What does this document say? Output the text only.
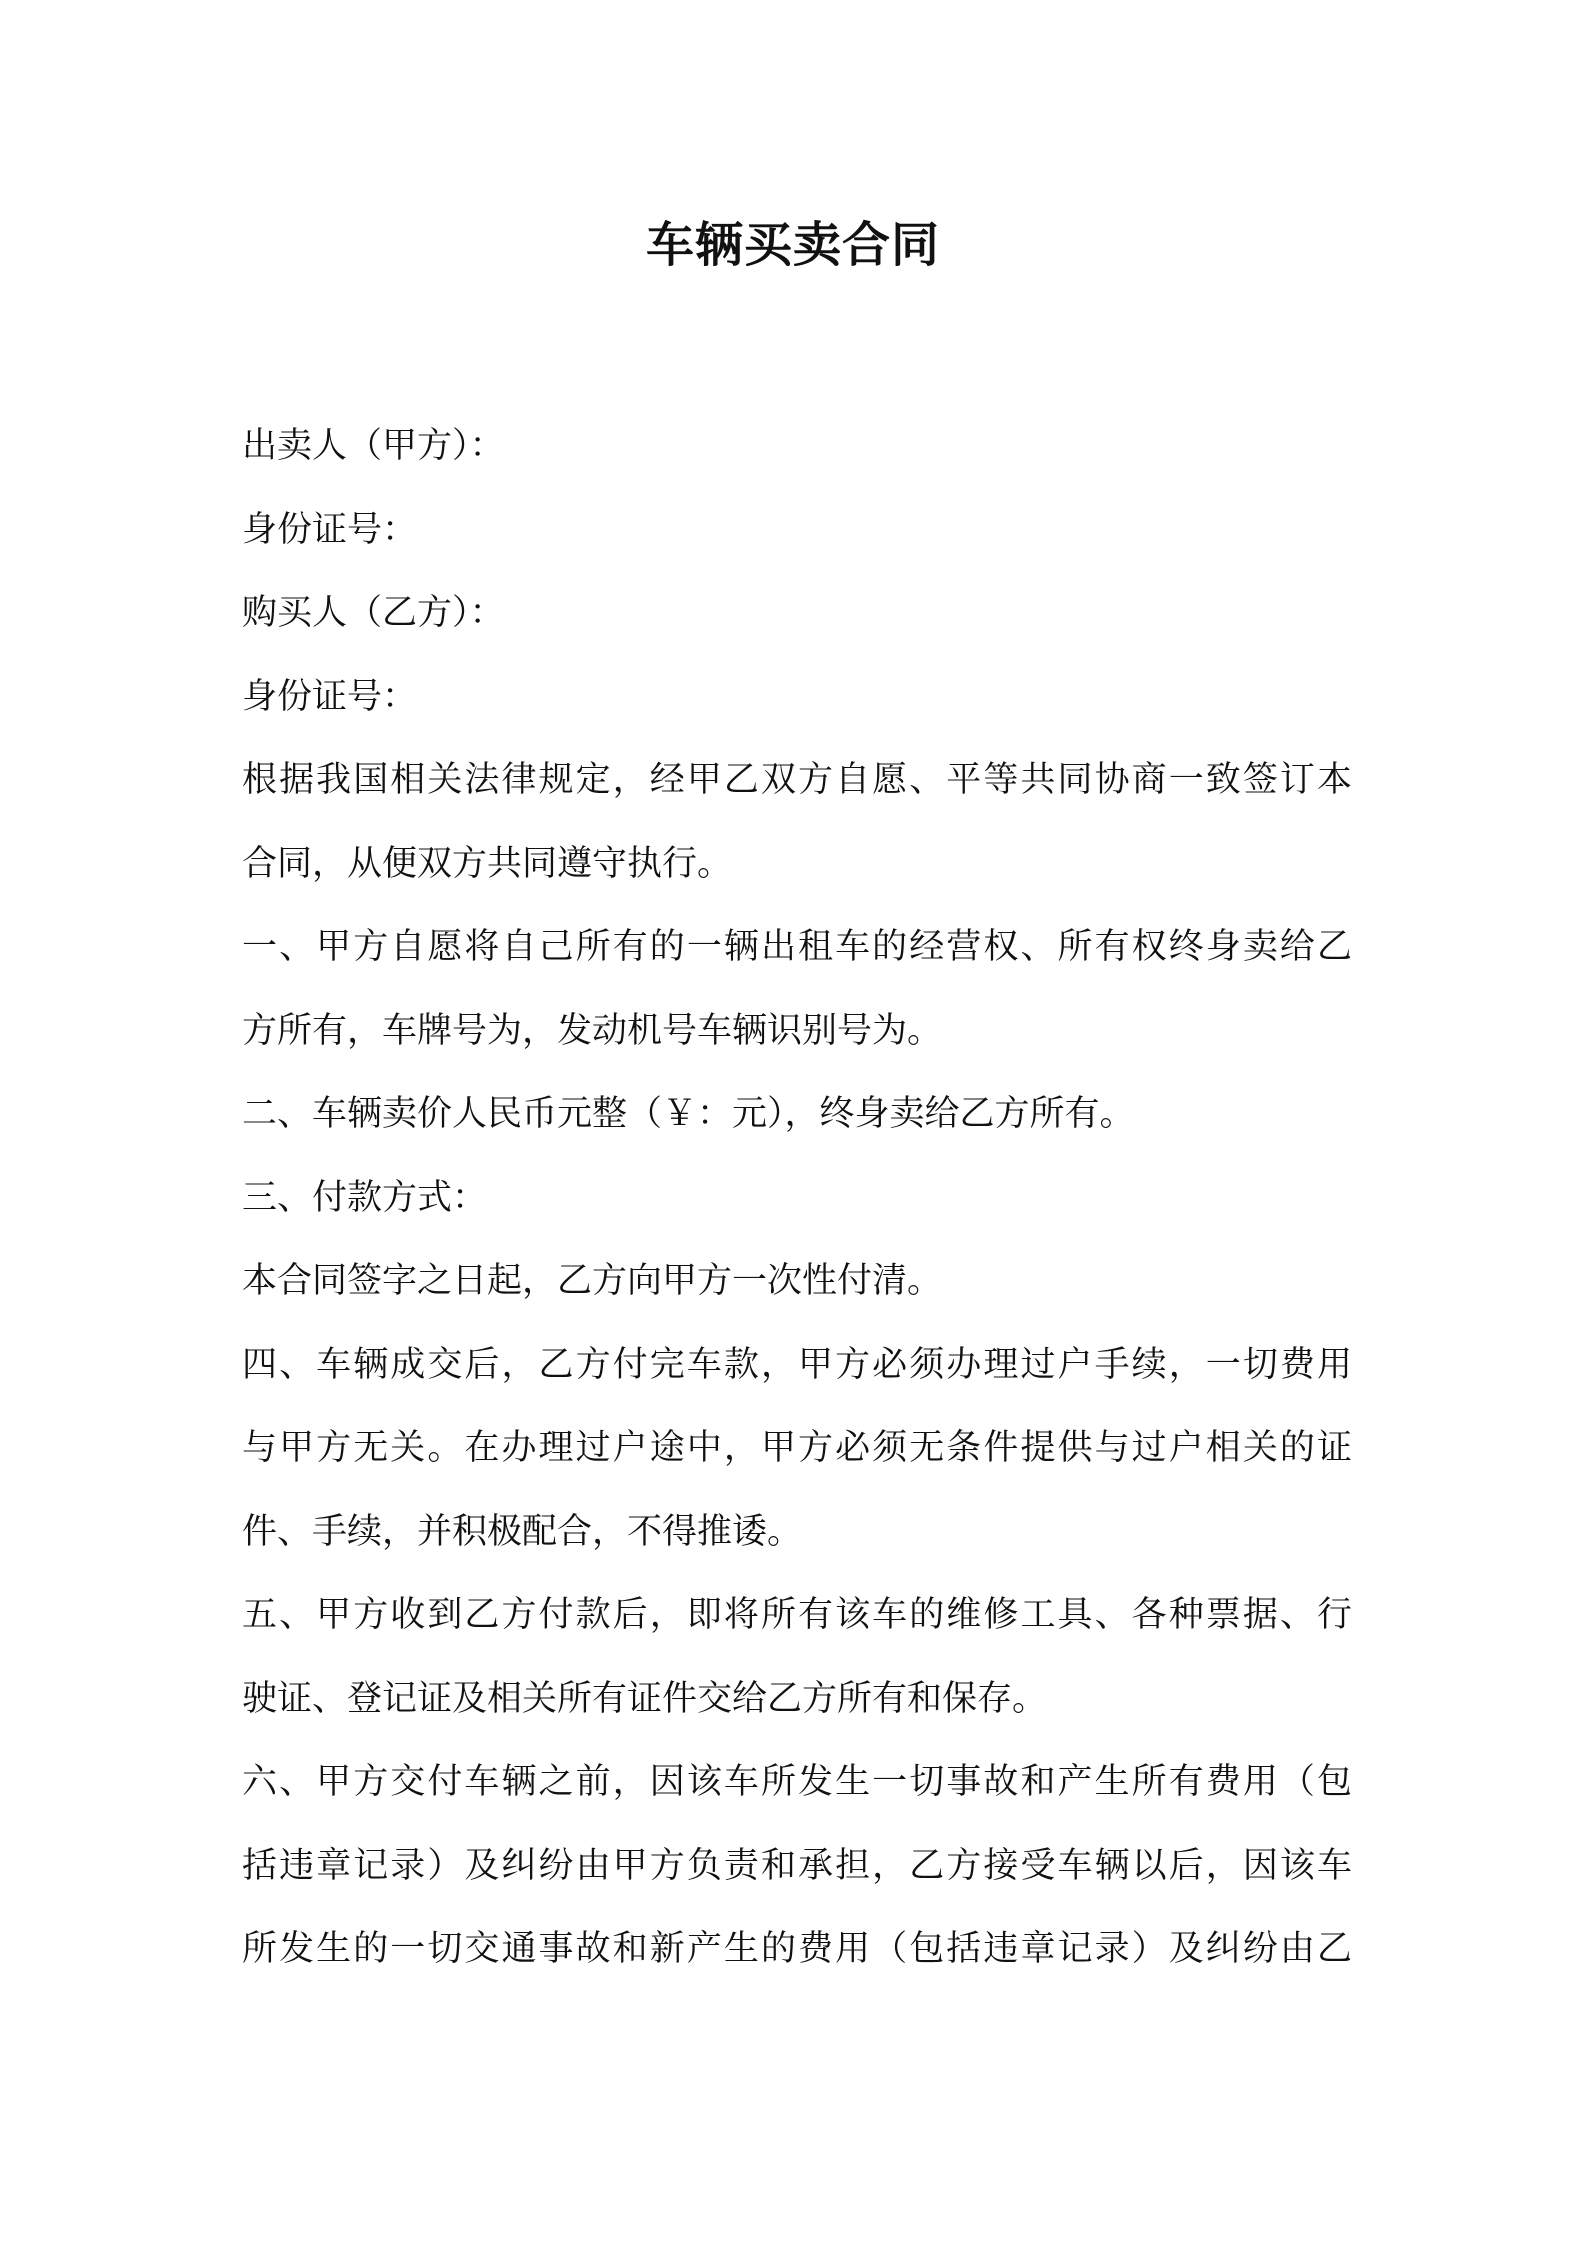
车辆买卖合同
出卖人（甲方）：
身份证号：
购买人（乙方）：
身份证号：
根据我国相关法律规定，经甲乙双方自愿、平等共同协商一致签订本
合同，从便双方共同遵守执行。
一、甲方自愿将自己所有的一辆出租车的经营权、所有权终身卖给乙
方所有，车牌号为，发动机号车辆识别号为。
二、车辆卖价人民币元整（￥：元），终身卖给乙方所有。
三、付款方式：
本合同签字之日起，乙方向甲方一次性付清。
四、车辆成交后，乙方付完车款，甲方必须办理过户手续，一切费用
与甲方无关。在办理过户途中，甲方必须无条件提供与过户相关的证
件、手续，并积极配合，不得推诿。
五、甲方收到乙方付款后，即将所有该车的维修工具、各种票据、行
驶证、登记证及相关所有证件交给乙方所有和保存。
六、甲方交付车辆之前，因该车所发生一切事故和产生所有费用（包
括违章记录）及纠纷由甲方负责和承担，乙方接受车辆以后，因该车
所发生的一切交通事故和新产生的费用（包括违章记录）及纠纷由乙
